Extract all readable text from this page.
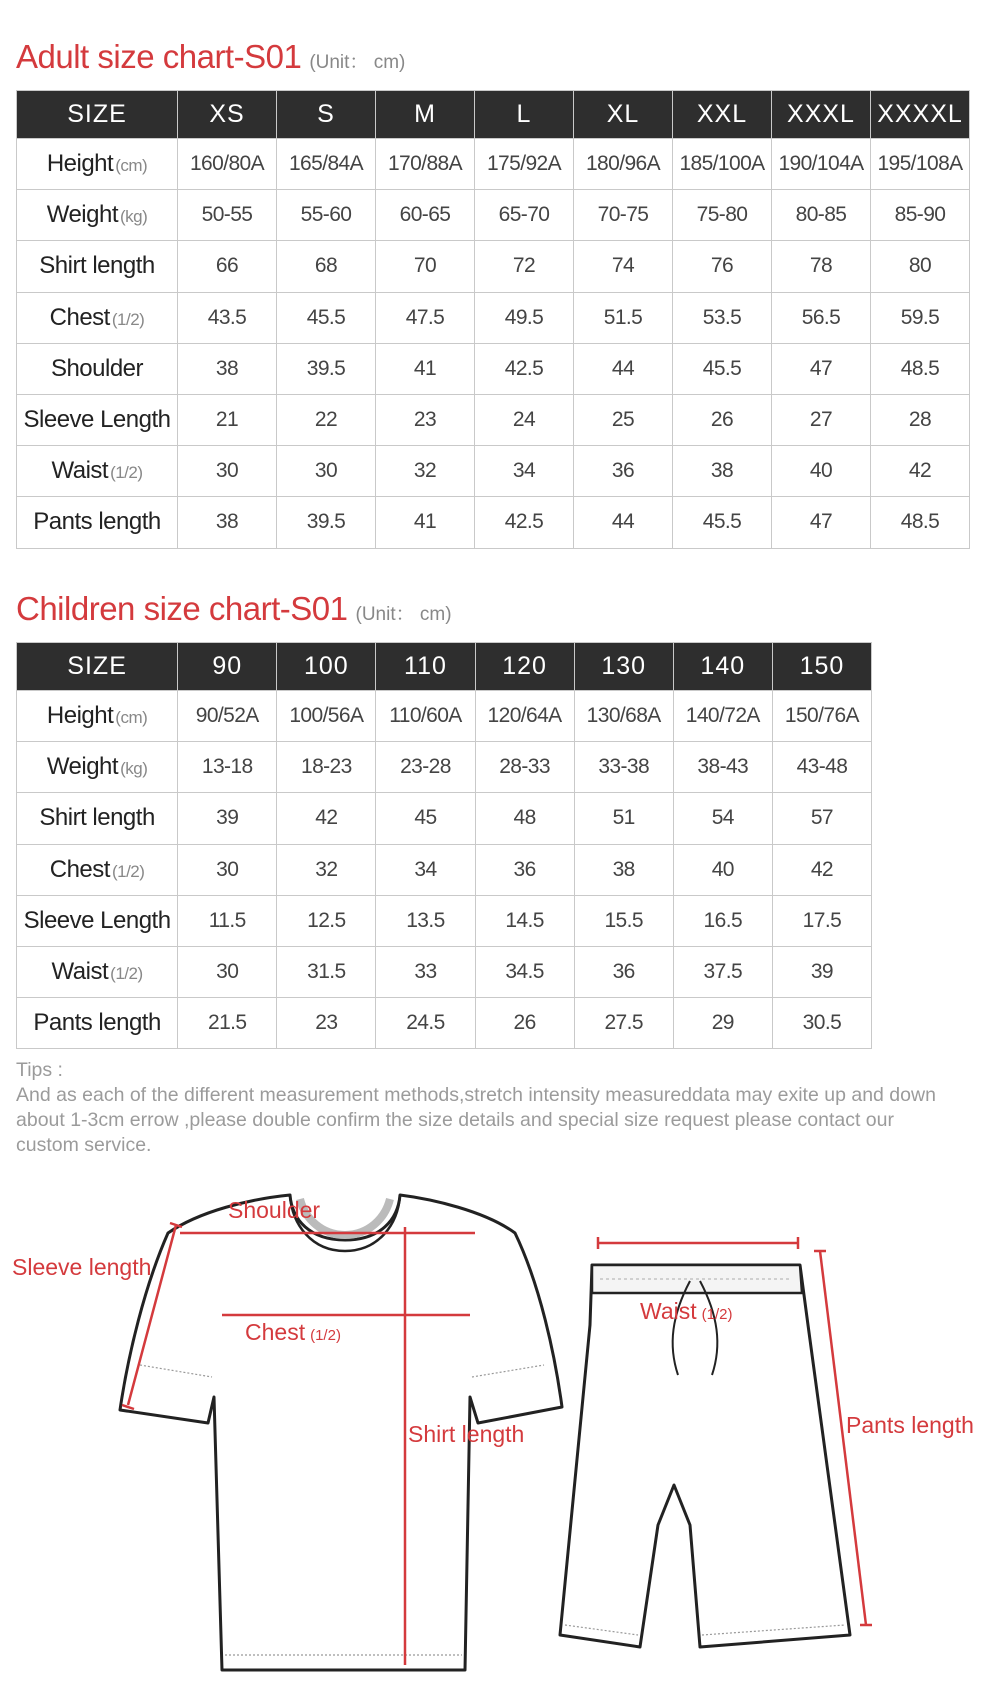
Adult size chart-S01 (Unit： cm)
SIZE	XS	S	M	L	XL	XXL	XXXL	XXXXL
Height (cm)	160/80A	165/84A	170/88A	175/92A	180/96A	185/100A	190/104A	195/108A
Weight (kg)	50-55	55-60	60-65	65-70	70-75	75-80	80-85	85-90
Shirt length	66	68	70	72	74	76	78	80
Chest (1/2)	43.5	45.5	47.5	49.5	51.5	53.5	56.5	59.5
Shoulder	38	39.5	41	42.5	44	45.5	47	48.5
Sleeve Length	21	22	23	24	25	26	27	28
Waist (1/2)	30	30	32	34	36	38	40	42
Pants length	38	39.5	41	42.5	44	45.5	47	48.5
Children size chart-S01 (Unit： cm)
SIZE	90	100	110	120	130	140	150
Height (cm)	90/52A	100/56A	110/60A	120/64A	130/68A	140/72A	150/76A
Weight (kg)	13-18	18-23	23-28	28-33	33-38	38-43	43-48
Shirt length	39	42	45	48	51	54	57
Chest (1/2)	30	32	34	36	38	40	42
Sleeve Length	11.5	12.5	13.5	14.5	15.5	16.5	17.5
Waist (1/2)	30	31.5	33	34.5	36	37.5	39
Pants length	21.5	23	24.5	26	27.5	29	30.5

Tips :

And as each of the different measurement methods,stretch intensity measureddata may exite up and down about 1-3cm errow ,please double confirm the size details and special size request please contact our custom service.

Shoulder
Sleeve length
Chest (1/2)
Shirt length
Waist (1/2)
Pants length
